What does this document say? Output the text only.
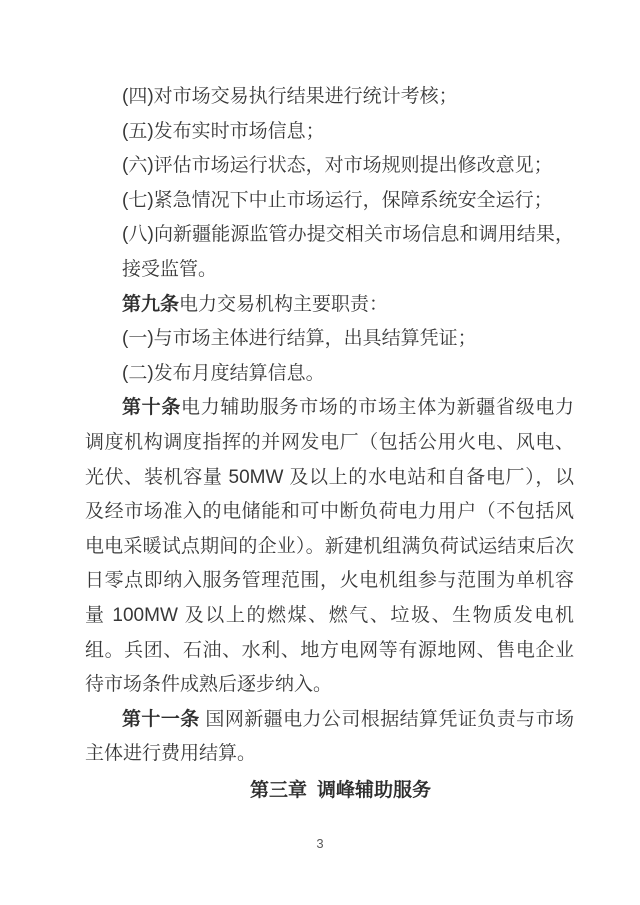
(四)对市场交易执行结果进行统计考核；

(五)发布实时市场信息；

(六)评估市场运行状态，对市场规则提出修改意见；

(七)紧急情况下中止市场运行，保障系统安全运行；

(八)向新疆能源监管办提交相关市场信息和调用结果，接受监管。

第九条电力交易机构主要职责：

(一)与市场主体进行结算，出具结算凭证；

(二)发布月度结算信息。

第十条电力辅助服务市场的市场主体为新疆省级电力调度机构调度指挥的并网发电厂（包括公用火电、风电、光伏、装机容量 50MW 及以上的水电站和自备电厂），以及经市场准入的电储能和可中断负荷电力用户（不包括风电电采暖试点期间的企业）。新建机组满负荷试运结束后次日零点即纳入服务管理范围，火电机组参与范围为单机容量 100MW 及以上的燃煤、燃气、垃圾、生物质发电机组。兵团、石油、水利、地方电网等有源地网、售电企业待市场条件成熟后逐步纳入。

第十一条 国网新疆电力公司根据结算凭证负责与市场主体进行费用结算。

第三章 调峰辅助服务

3
